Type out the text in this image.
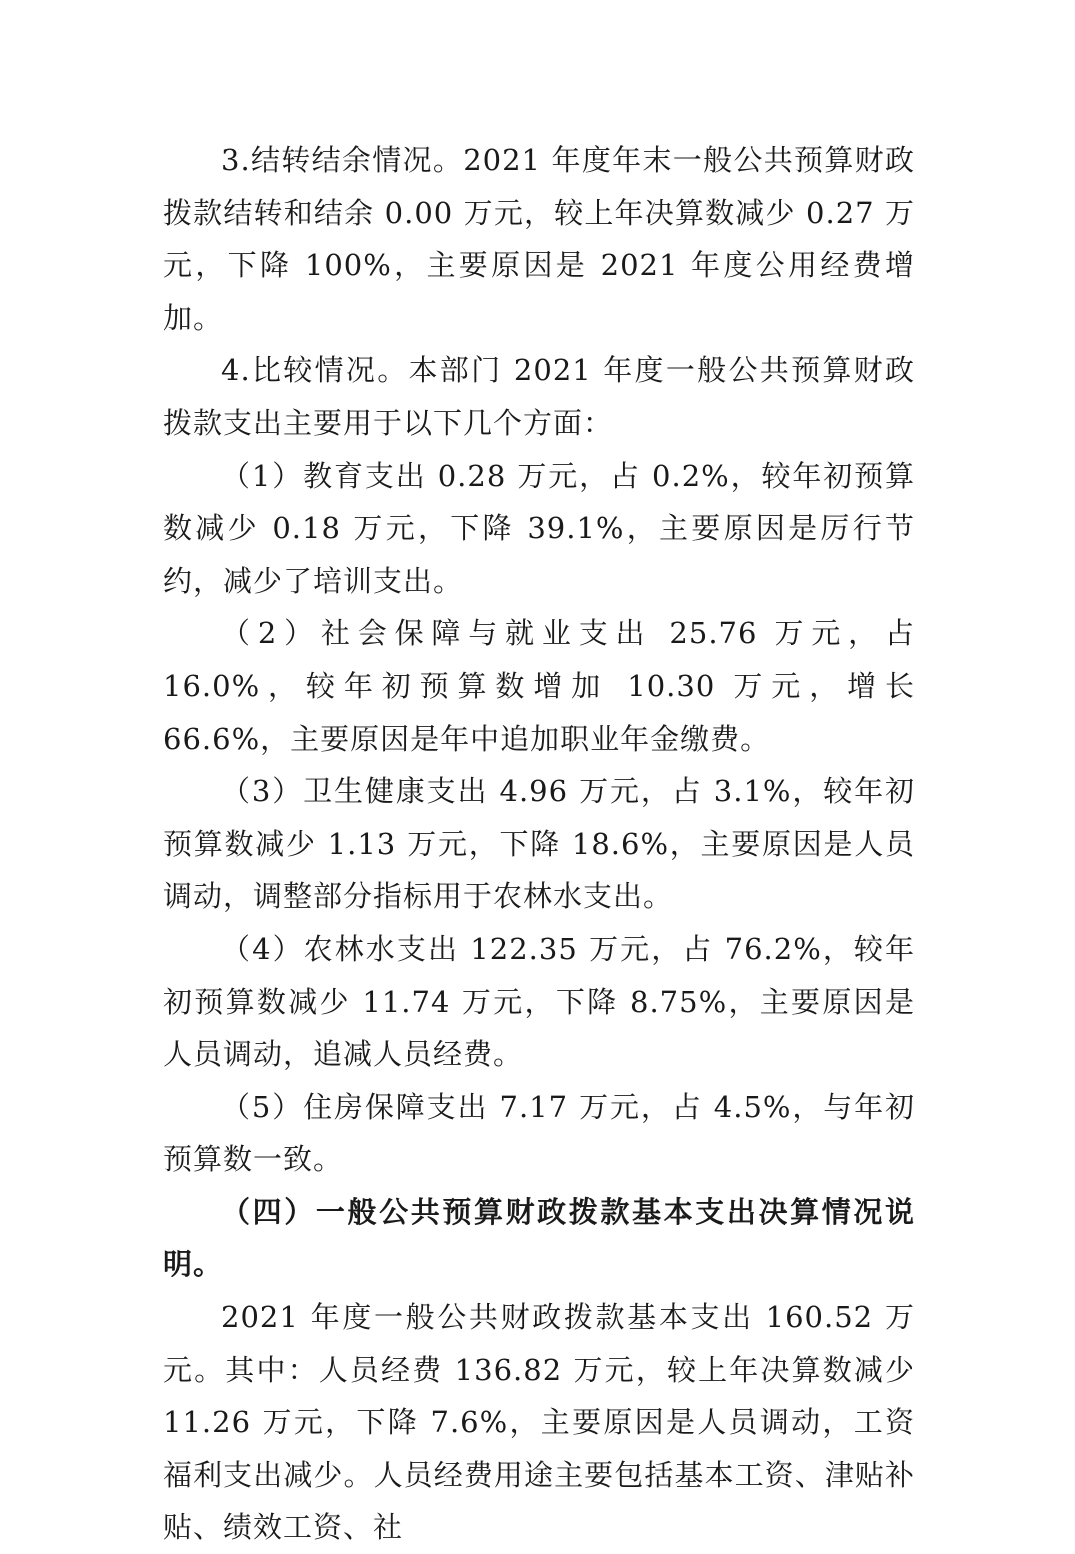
3.结转结余情况。2021 年度年末一般公共预算财政拨款结转和结余 0.00 万元，较上年决算数减少 0.27 万元，下降 100%，主要原因是 2021 年度公用经费增加。

4.比较情况。本部门 2021 年度一般公共预算财政拨款支出主要用于以下几个方面：

（1）教育支出 0.28 万元，占 0.2%，较年初预算数减少 0.18 万元，下降 39.1%，主要原因是厉行节约，减少了培训支出。

（2）社会保障与就业支出 25.76 万元，占 16.0%，较年初预算数增加 10.30 万元，增长 66.6%，主要原因是年中追加职业年金缴费。

（3）卫生健康支出 4.96 万元，占 3.1%，较年初预算数减少 1.13 万元，下降 18.6%，主要原因是人员调动，调整部分指标用于农林水支出。

（4）农林水支出 122.35 万元，占 76.2%，较年初预算数减少 11.74 万元，下降 8.75%，主要原因是人员调动，追减人员经费。

（5）住房保障支出 7.17 万元，占 4.5%，与年初预算数一致。

（四）一般公共预算财政拨款基本支出决算情况说明。

2021 年度一般公共财政拨款基本支出 160.52 万元。其中：人员经费 136.82 万元，较上年决算数减少 11.26 万元，下降 7.6%，主要原因是人员调动，工资福利支出减少。人员经费用途主要包括基本工资、津贴补贴、绩效工资、社
